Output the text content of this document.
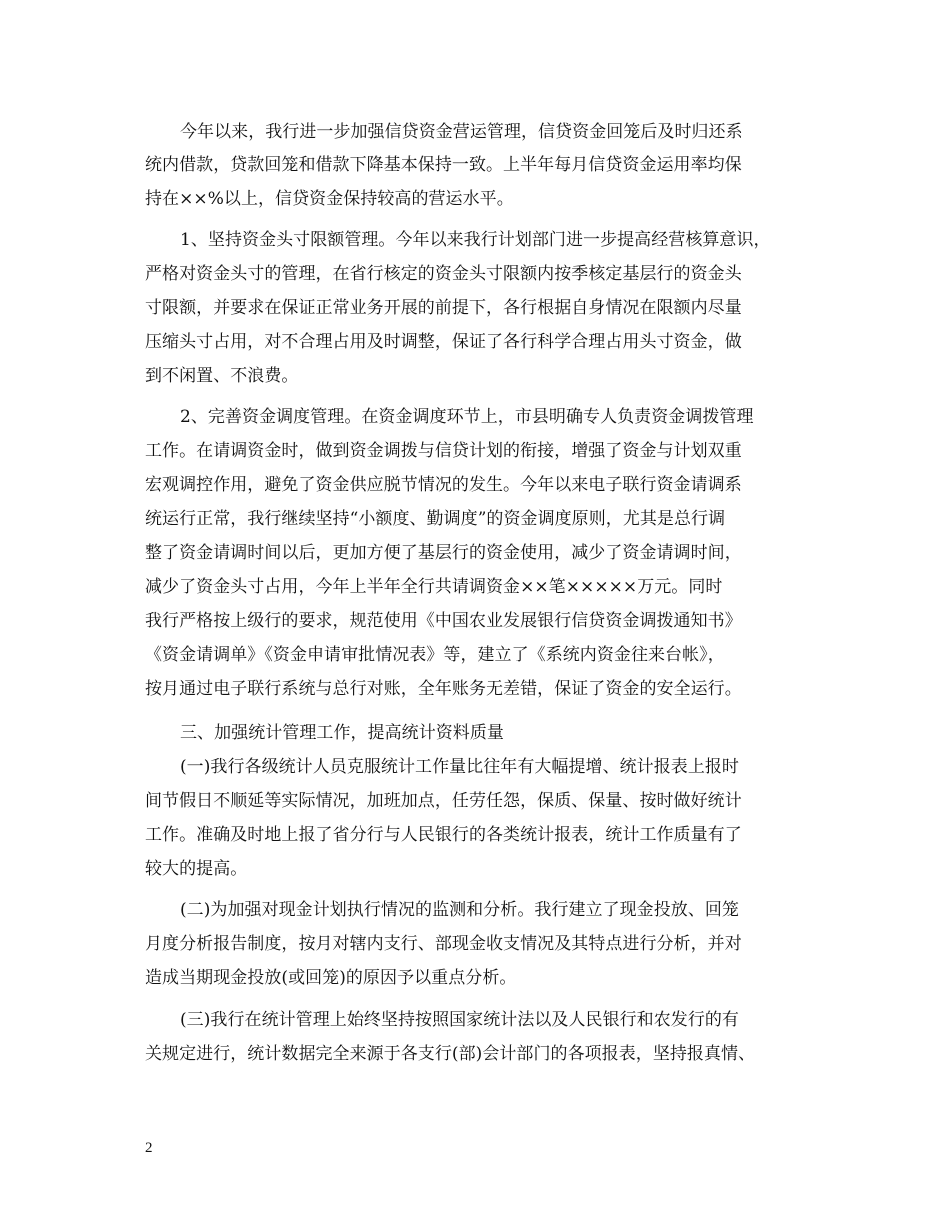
今年以来，我行进一步加强信贷资金营运管理，信贷资金回笼后及时归还系
统内借款，贷款回笼和借款下降基本保持一致。上半年每月信贷资金运用率均保
持在××%以上，信贷资金保持较高的营运水平。
1、坚持资金头寸限额管理。今年以来我行计划部门进一步提高经营核算意识，
严格对资金头寸的管理，在省行核定的资金头寸限额内按季核定基层行的资金头
寸限额，并要求在保证正常业务开展的前提下，各行根据自身情况在限额内尽量
压缩头寸占用，对不合理占用及时调整，保证了各行科学合理占用头寸资金，做
到不闲置、不浪费。
2、完善资金调度管理。在资金调度环节上，市县明确专人负责资金调拨管理
工作。在请调资金时，做到资金调拨与信贷计划的衔接，增强了资金与计划双重
宏观调控作用，避免了资金供应脱节情况的发生。今年以来电子联行资金请调系
统运行正常，我行继续坚持“小额度、勤调度”的资金调度原则，尤其是总行调
整了资金请调时间以后，更加方便了基层行的资金使用，减少了资金请调时间，
减少了资金头寸占用，今年上半年全行共请调资金××笔×××××万元。同时
我行严格按上级行的要求，规范使用《中国农业发展银行信贷资金调拨通知书》
《资金请调单》《资金申请审批情况表》等，建立了《系统内资金往来台帐》，
按月通过电子联行系统与总行对账，全年账务无差错，保证了资金的安全运行。
三、加强统计管理工作，提高统计资料质量
(一)我行各级统计人员克服统计工作量比往年有大幅提增、统计报表上报时
间节假日不顺延等实际情况，加班加点，任劳任怨，保质、保量、按时做好统计
工作。准确及时地上报了省分行与人民银行的各类统计报表，统计工作质量有了
较大的提高。
(二)为加强对现金计划执行情况的监测和分析。我行建立了现金投放、回笼
月度分析报告制度，按月对辖内支行、部现金收支情况及其特点进行分析，并对
造成当期现金投放(或回笼)的原因予以重点分析。
(三)我行在统计管理上始终坚持按照国家统计法以及人民银行和农发行的有
关规定进行，统计数据完全来源于各支行(部)会计部门的各项报表，坚持报真情、
2
